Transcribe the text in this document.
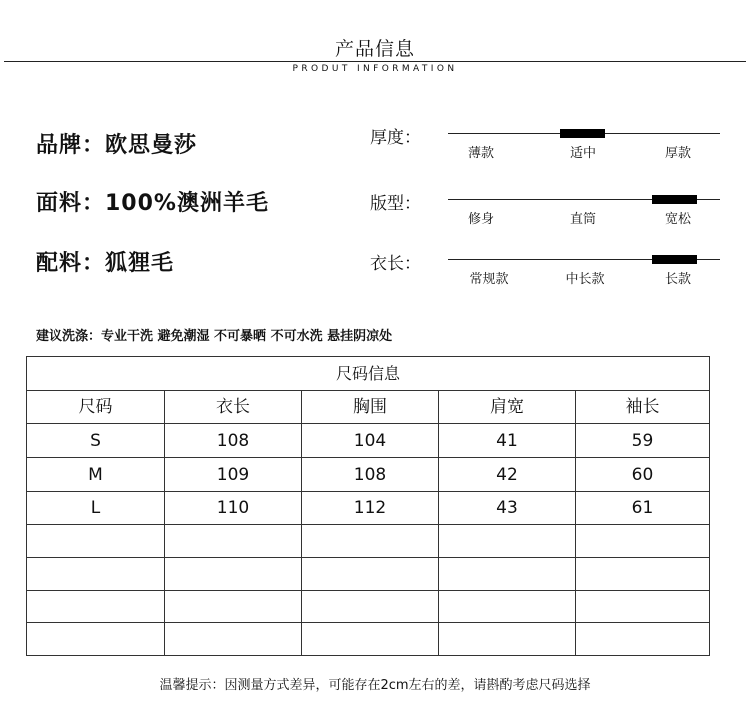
产品信息
PRODUT INFORMATION
品牌：欧思曼莎
面料：100%澳洲羊毛
配料：狐狸毛
厚度：
薄款	适中	厚款
版型：
修身	直筒	宽松
衣长：
常规款	中长款	长款
建议洗涤：专业干洗 避免潮湿 不可暴晒 不可水洗 悬挂阴凉处
尺码信息
尺码	衣长	胸围	肩宽	袖长
S	108	104	41	59
M	109	108	42	60
L	110	112	43	61
温馨提示：因测量方式差异，可能存在2cm左右的差，请斟酌考虑尺码选择
